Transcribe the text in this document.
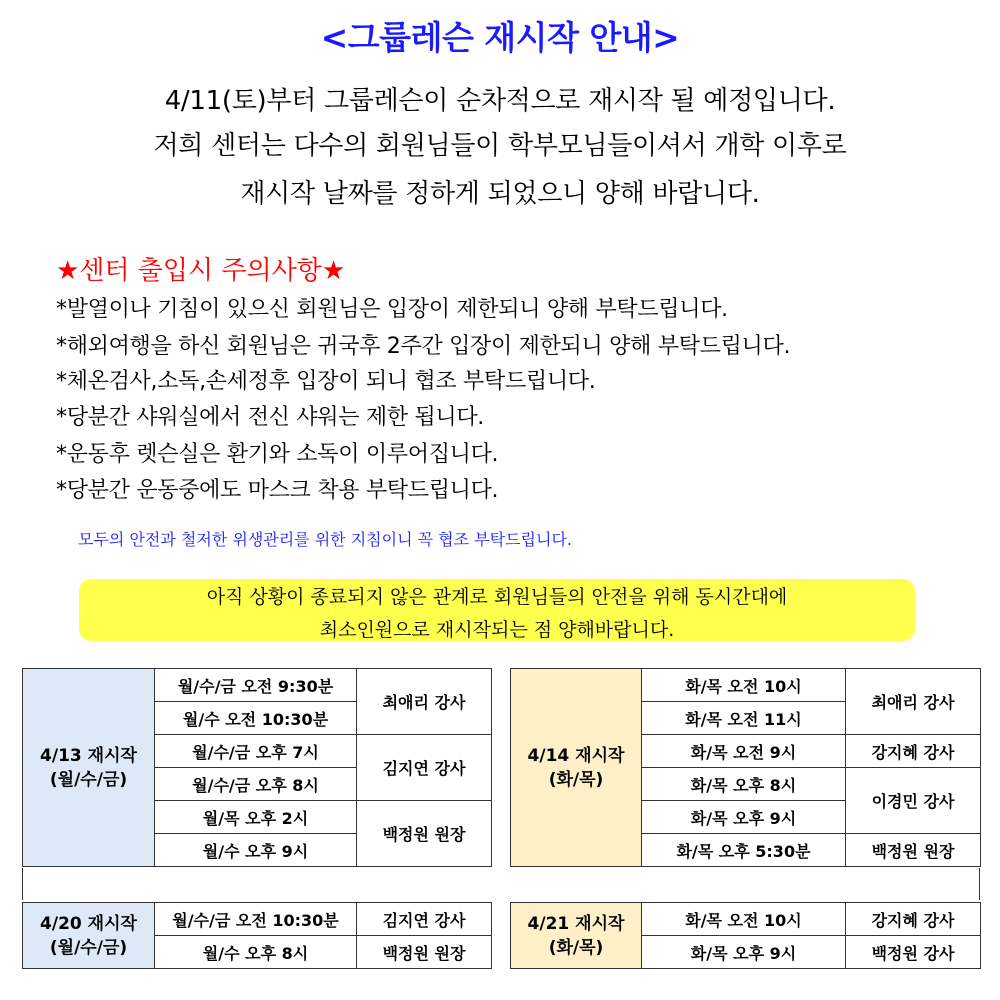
<그룹레슨 재시작 안내>
4/11(토)부터 그룹레슨이 순차적으로 재시작 될 예정입니다.
저희 센터는 다수의 회원님들이 학부모님들이셔서 개학 이후로
재시작 날짜를 정하게 되었으니 양해 바랍니다.
★센터 출입시 주의사항★
*발열이나 기침이 있으신 회원님은 입장이 제한되니 양해 부탁드립니다.
*해외여행을 하신 회원님은 귀국후 2주간 입장이 제한되니 양해 부탁드립니다.
*체온검사,소독,손세정후 입장이 되니 협조 부탁드립니다.
*당분간 샤워실에서 전신 샤워는 제한 됩니다.
*운동후 렛슨실은 환기와 소독이 이루어집니다.
*당분간 운동중에도 마스크 착용 부탁드립니다.
모두의 안전과 철저한 위생관리를 위한 지침이니 꼭 협조 부탁드립니다.
아직 상황이 종료되지 않은 관계로 회원님들의 안전을 위해 동시간대에
최소인원으로 재시작되는 점 양해바랍니다.
4/13 재시작
(월/수/금)	월/수/금 오전 9:30분	최애리 강사
	월/수 오전 10:30분	
	월/수/금 오후 7시	김지연 강사
	월/수/금 오후 8시	
	월/목 오후 2시	백정원 원장
	월/수 오후 9시	
4/14 재시작
(화/목)	화/목 오전 10시	최애리 강사
	화/목 오전 11시	
	화/목 오전 9시	강지혜 강사
	화/목 오후 8시	이경민 강사
	화/목 오후 9시	
	화/목 오후 5:30분	백정원 원장
4/20 재시작
(월/수/금)	월/수/금 오전 10:30분	김지연 강사
	월/수 오후 8시	백정원 원장
4/21 재시작
(화/목)	화/목 오전 10시	강지혜 강사
	화/목 오후 9시	백정원 강사
